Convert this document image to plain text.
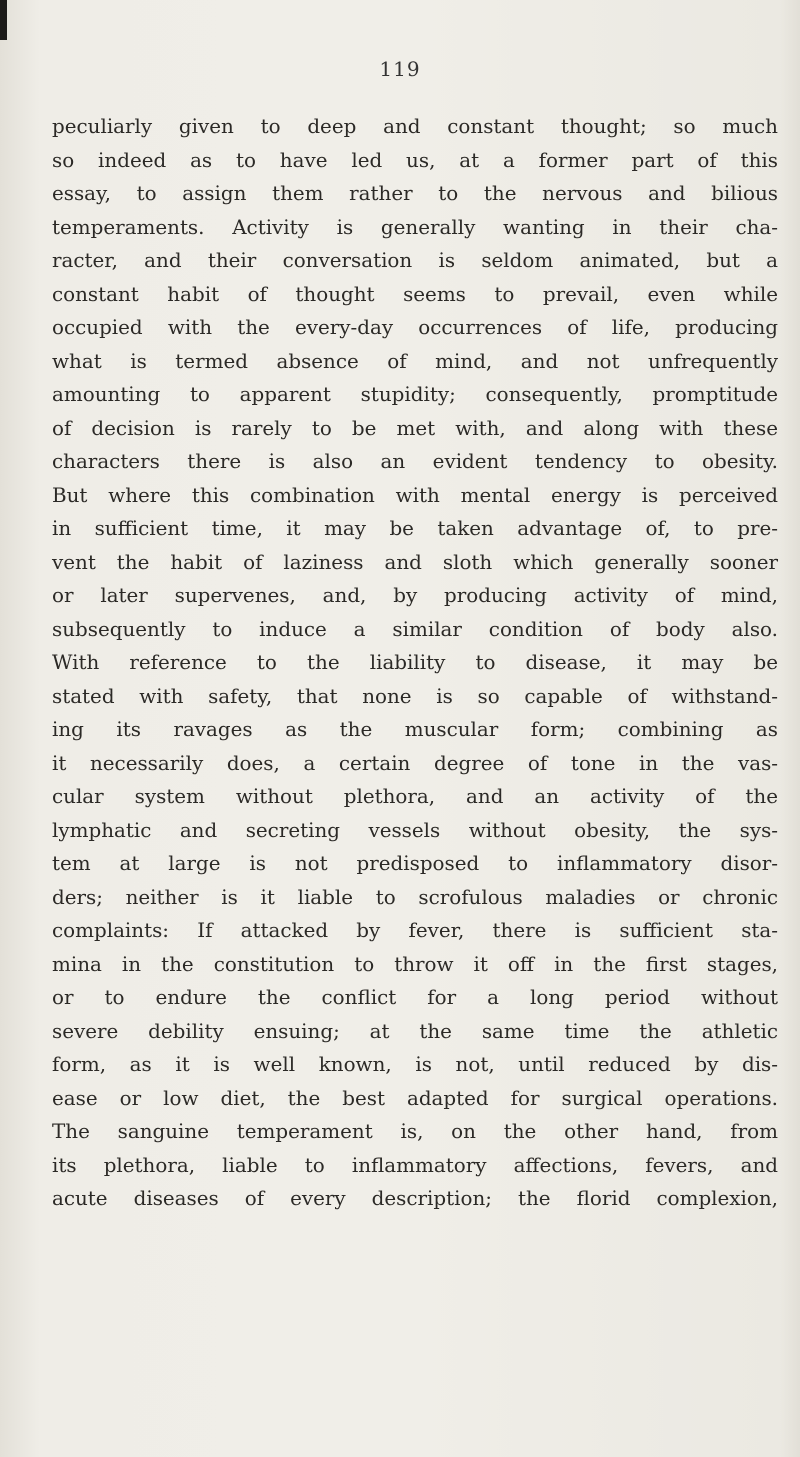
119
peculiarly given to deep and constant thought; so much
so indeed as to have led us, at a former part of this
essay, to assign them rather to the nervous and bilious
temperaments. Activity is generally wanting in their cha-
racter, and their conversation is seldom animated, but a
constant habit of thought seems to prevail, even while
occupied with the every-day occurrences of life, producing
what is termed absence of mind, and not unfrequently
amounting to apparent stupidity; consequently, promptitude
of decision is rarely to be met with, and along with these
characters there is also an evident tendency to obesity.
But where this combination with mental energy is perceived
in sufficient time, it may be taken advantage of, to pre-
vent the habit of laziness and sloth which generally sooner
or later supervenes, and, by producing activity of mind,
subsequently to induce a similar condition of body also.
With reference to the liability to disease, it may be
stated with safety, that none is so capable of withstand-
ing its ravages as the muscular form; combining as
it necessarily does, a certain degree of tone in the vas-
cular system without plethora, and an activity of the
lymphatic and secreting vessels without obesity, the sys-
tem at large is not predisposed to inflammatory disor-
ders; neither is it liable to scrofulous maladies or chronic
complaints: If attacked by fever, there is sufficient sta-
mina in the constitution to throw it off in the first stages,
or to endure the conflict for a long period without
severe debility ensuing; at the same time the athletic
form, as it is well known, is not, until reduced by dis-
ease or low diet, the best adapted for surgical operations.
The sanguine temperament is, on the other hand, from
its plethora, liable to inflammatory affections, fevers, and
acute diseases of every description; the florid complexion,
